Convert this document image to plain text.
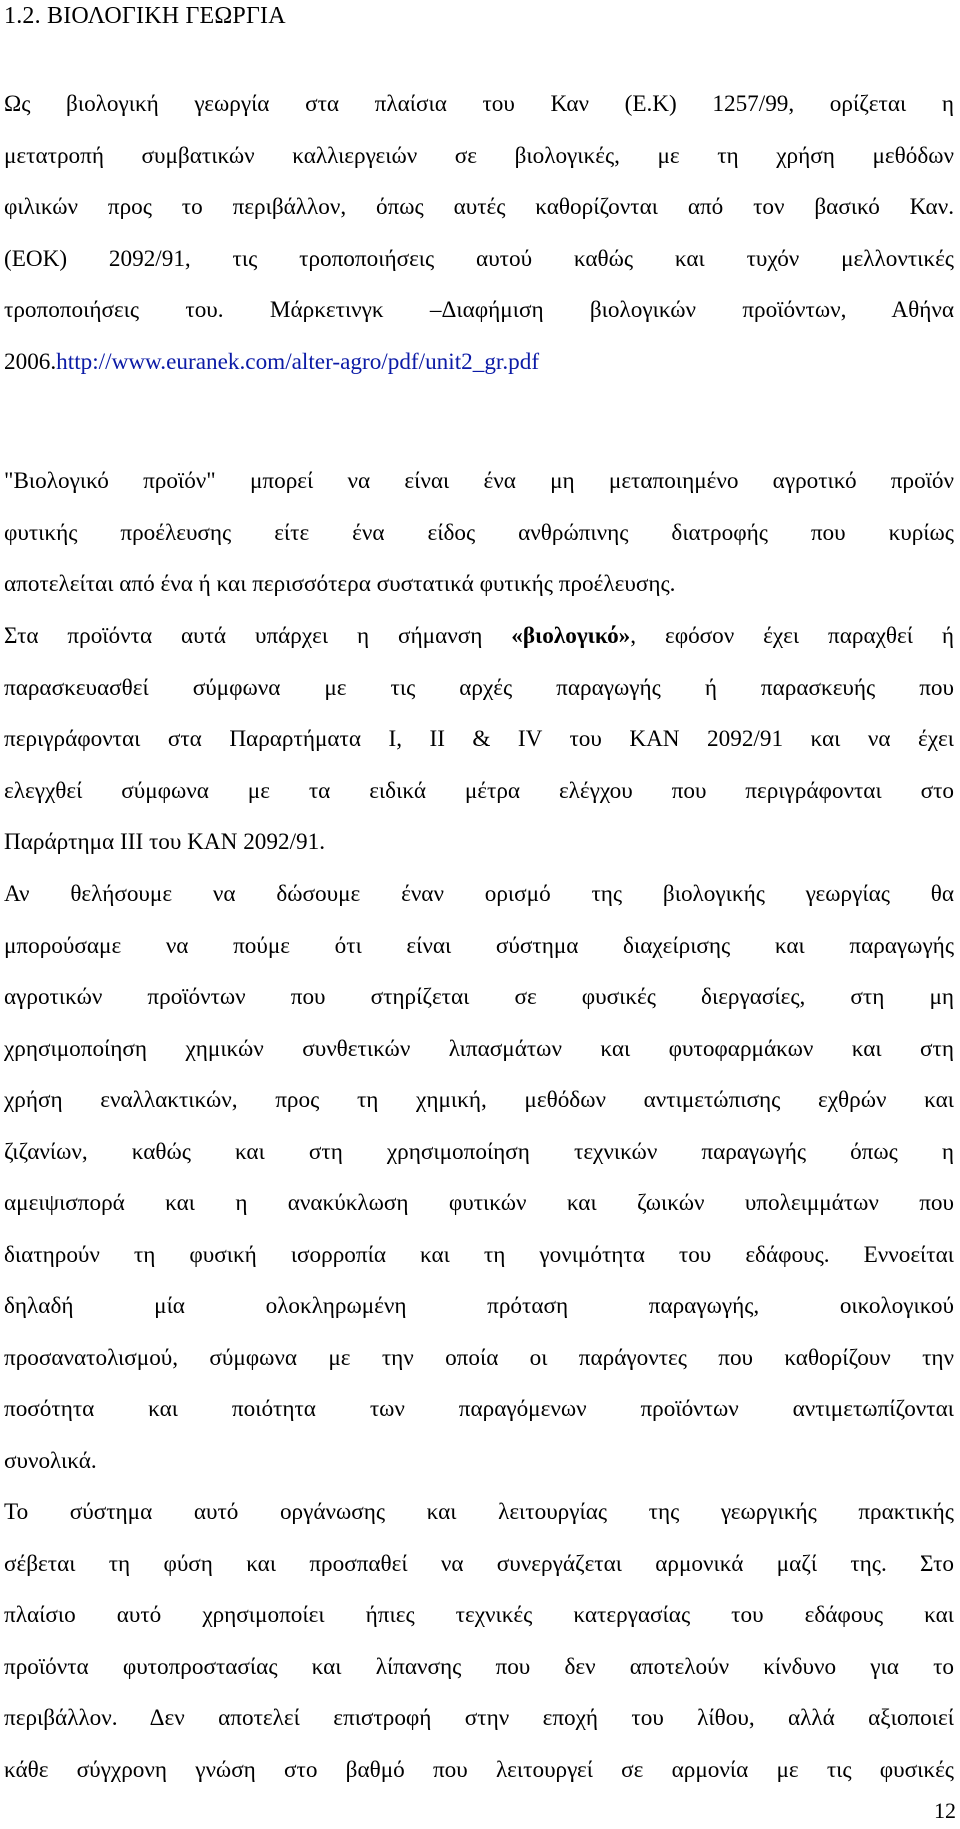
1.2. ΒΙΟΛΟΓΙΚΗ ΓΕΩΡΓΙΑ
Ως βιολογική γεωργία στα πλαίσια του Καν (Ε.Κ) 1257/99, ορίζεται η
μετατροπή συμβατικών καλλιεργειών σε βιολογικές, με τη χρήση μεθόδων
φιλικών προς το περιβάλλον, όπως αυτές καθορίζονται από τον βασικό Καν.
(ΕΟΚ) 2092/91, τις τροποποιήσεις αυτού καθώς και τυχόν μελλοντικές
τροποποιήσεις του. Μάρκετινγκ –Διαφήμιση βιολογικών προϊόντων, Αθήνα
2006.http://www.euranek.com/alter-agro/pdf/unit2_gr.pdf
"Βιολογικό προϊόν" μπορεί να είναι ένα μη μεταποιημένο αγροτικό προϊόν
φυτικής προέλευσης είτε ένα είδος ανθρώπινης διατροφής που κυρίως
αποτελείται από ένα ή και περισσότερα συστατικά φυτικής προέλευσης.
Στα προϊόντα αυτά υπάρχει η σήμανση «βιολογικό», εφόσον έχει παραχθεί ή
παρασκευασθεί σύμφωνα με τις αρχές παραγωγής ή παρασκευής που
περιγράφονται στα Παραρτήματα Ι, ΙΙ & ΙV του ΚΑΝ 2092/91 και να έχει
ελεγχθεί σύμφωνα με τα ειδικά μέτρα ελέγχου που περιγράφονται στο
Παράρτημα ΙΙΙ του ΚΑΝ 2092/91.
Αν θελήσουμε να δώσουμε έναν ορισμό της βιολογικής γεωργίας θα
μπορούσαμε να πούμε ότι είναι σύστημα διαχείρισης και παραγωγής
αγροτικών προϊόντων που στηρίζεται σε φυσικές διεργασίες, στη μη
χρησιμοποίηση χημικών συνθετικών λιπασμάτων και φυτοφαρμάκων και στη
χρήση εναλλακτικών, προς τη χημική, μεθόδων αντιμετώπισης εχθρών και
ζιζανίων, καθώς και στη χρησιμοποίηση τεχνικών παραγωγής όπως η
αμειψισπορά και η ανακύκλωση φυτικών και ζωικών υπολειμμάτων που
διατηρούν τη φυσική ισορροπία και τη γονιμότητα του εδάφους. Εννοείται
δηλαδή μία ολοκληρωμένη πρόταση παραγωγής, οικολογικού
προσανατολισμού, σύμφωνα με την οποία οι παράγοντες που καθορίζουν την
ποσότητα και ποιότητα των παραγόμενων προϊόντων αντιμετωπίζονται
συνολικά.
Το σύστημα αυτό οργάνωσης και λειτουργίας της γεωργικής πρακτικής
σέβεται τη φύση και προσπαθεί να συνεργάζεται αρμονικά μαζί της. Στο
πλαίσιο αυτό χρησιμοποίει ήπιες τεχνικές κατεργασίας του εδάφους και
προϊόντα φυτοπροστασίας και λίπανσης που δεν αποτελούν κίνδυνο για το
περιβάλλον. Δεν αποτελεί επιστροφή στην εποχή του λίθου, αλλά αξιοποιεί
κάθε σύγχρονη γνώση στο βαθμό που λειτουργεί σε αρμονία με τις φυσικές
12
